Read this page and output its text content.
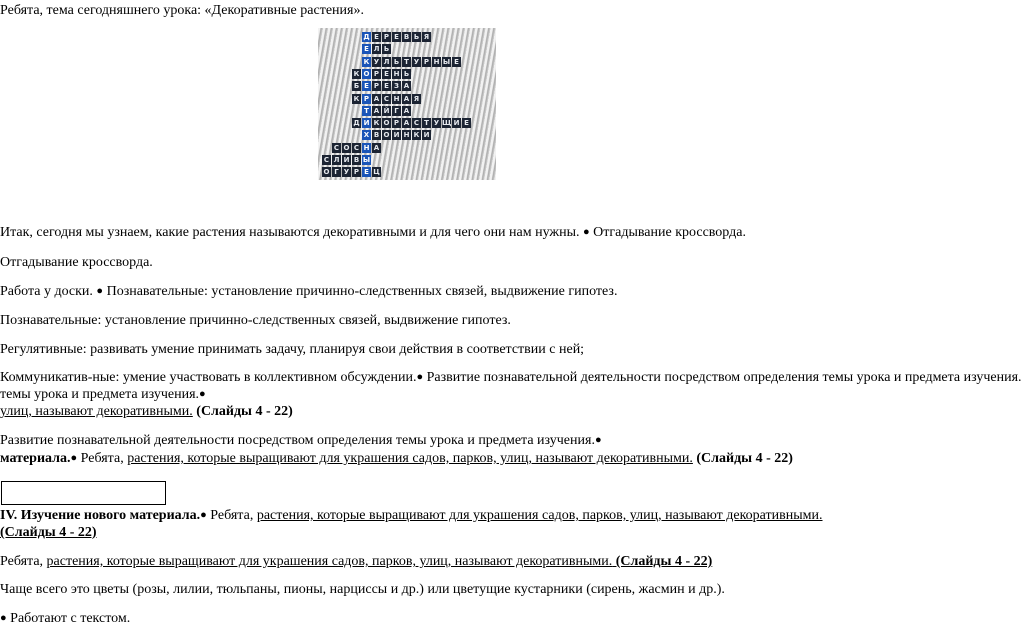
Ребята, тема сегодняшнего урока: «Декоративные растения».
Д Е Р Е В Ь Я
Е Л Ь
К У Л Ь Т У Р Н Ы Е
К О Р Е Н Ь
Б Е Р Е З А
К Р А С Н А Я
Т А Й Г А
Д И К О Р А С Т У Щ И Е
Х В О И Н К И
С О С Н А
С Л И В Ы
О Г У Р Е Ц
Итак, сегодня мы узнаем, какие растения называются декоративными и для чего они нам нужны. ● Отгадывание кроссворда.
Отгадывание кроссворда.
Работа у доски. ● Познавательные: установление причинно-следственных связей, выдвижение гипотез.
Познавательные: установление причинно-следственных связей, выдвижение гипотез.
Регулятивные: развивать умение принимать задачу, планируя свои действия в соответствии с ней;
Коммуникатив-ные: умение участвовать в коллективном обсуждении.● Развитие познавательной деятельности посредством определения темы урока и предмета изучения.
темы урока и предмета изучения.●
улиц, называют декоративными. (Слайды 4 - 22)
Развитие познавательной деятельности посредством определения темы урока и предмета изучения.●
материала.● Ребята, растения, которые выращивают для украшения садов, парков, улиц, называют декоративными. (Слайды 4 - 22)
IV. Изучение нового материала.● Ребята, растения, которые выращивают для украшения садов, парков, улиц, называют декоративными.
(Слайды 4 - 22)
Ребята, растения, которые выращивают для украшения садов, парков, улиц, называют декоративными. (Слайды 4 - 22)
Чаще всего это цветы (розы, лилии, тюльпаны, пионы, нарциссы и др.) или цветущие кустарники (сирень, жасмин и др.).
● Работают с текстом.
